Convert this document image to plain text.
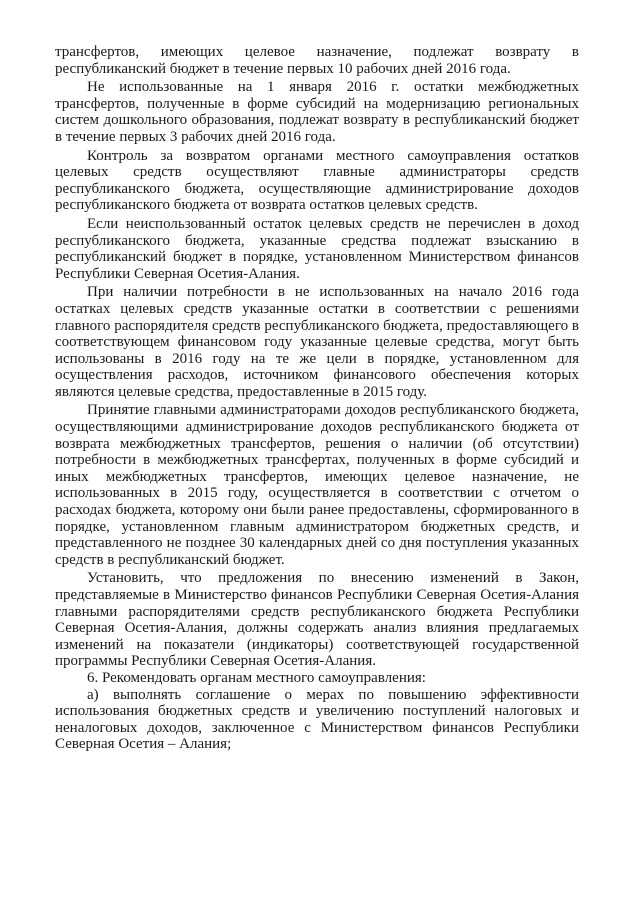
трансфертов, имеющих целевое назначение, подлежат возврату в республиканский бюджет в течение первых 10 рабочих дней 2016 года.

Не использованные на 1 января 2016 г. остатки межбюджетных трансфертов, полученные в форме субсидий на модернизацию региональных систем дошкольного образования, подлежат возврату в республиканский бюджет в течение первых 3 рабочих дней 2016 года.

Контроль за возвратом органами местного самоуправления остатков целевых средств осуществляют главные администраторы средств республиканского бюджета, осуществляющие администрирование доходов республиканского бюджета от возврата остатков целевых средств.

Если неиспользованный остаток целевых средств не перечислен в доход республиканского бюджета, указанные средства подлежат взысканию в республиканский бюджет в порядке, установленном Министерством финансов Республики Северная Осетия-Алания.

При наличии потребности в не использованных на начало 2016 года остатках целевых средств указанные остатки в соответствии с решениями главного распорядителя средств республиканского бюджета, предоставляющего в соответствующем финансовом году указанные целевые средства, могут быть использованы в 2016 году на те же цели в порядке, установленном для осуществления расходов, источником финансового обеспечения которых являются целевые средства, предоставленные в 2015 году.

Принятие главными администраторами доходов республиканского бюджета, осуществляющими администрирование доходов республиканского бюджета от возврата межбюджетных трансфертов, решения о наличии (об отсутствии) потребности в межбюджетных трансфертах, полученных в форме субсидий и иных межбюджетных трансфертов, имеющих целевое назначение, не использованных в 2015 году, осуществляется в соответствии с отчетом о расходах бюджета, которому они были ранее предоставлены, сформированного в порядке, установленном главным администратором бюджетных средств, и представленного не позднее 30 календарных дней со дня поступления указанных средств в республиканский бюджет.

Установить, что предложения по внесению изменений в Закон, представляемые в Министерство финансов Республики Северная Осетия-Алания главными распорядителями средств республиканского бюджета Республики Северная Осетия-Алания, должны содержать анализ влияния предлагаемых изменений на показатели (индикаторы) соответствующей государственной программы Республики Северная Осетия-Алания.

6. Рекомендовать органам местного самоуправления:

а) выполнять соглашение о мерах по повышению эффективности использования бюджетных средств и увеличению поступлений налоговых и неналоговых доходов, заключенное с Министерством финансов Республики Северная Осетия – Алания;
